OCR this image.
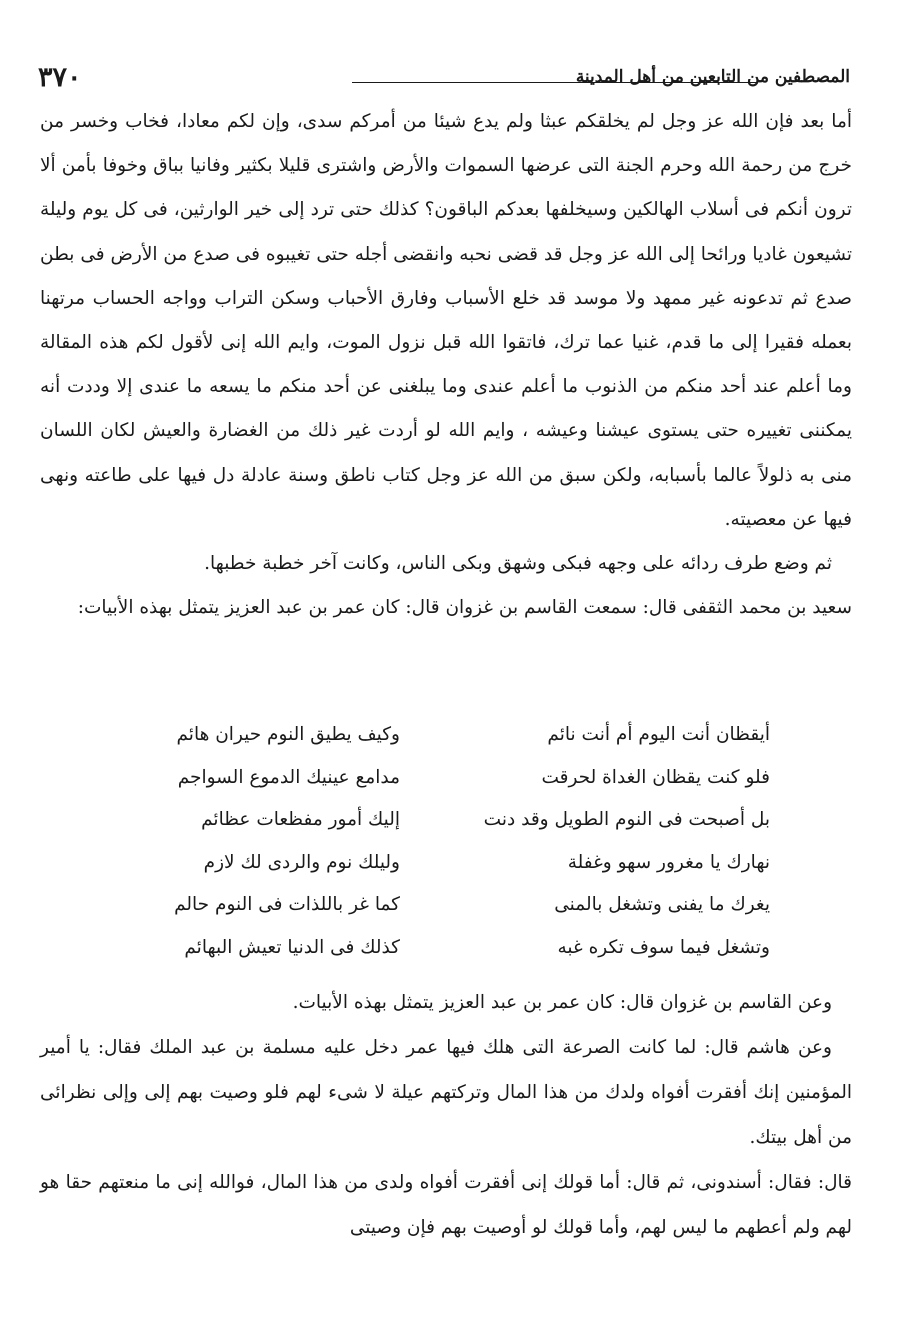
المصطفين من التابعين من أهل المدينة
٣٧٠

أما بعد فإن الله عز وجل لم يخلقكم عبثا ولم يدع شيئا من أمركم سدى، وإن لكم معادا، فخاب وخسر من خرج من رحمة الله وحرم الجنة التى عرضها السموات والأرض واشترى قليلا بكثير وفانيا بباق وخوفا بأمن ألا ترون أنكم فى أسلاب الهالكين وسيخلفها بعدكم الباقون؟ كذلك حتى ترد إلى خير الوارثين، فى كل يوم وليلة تشيعون غاديا ورائحا إلى الله عز وجل قد قضى نحبه وانقضى أجله حتى تغيبوه فى صدع من الأرض فى بطن صدع ثم تدعونه غير ممهد ولا موسد قد خلع الأسباب وفارق الأحباب وسكن التراب وواجه الحساب مرتهنا بعمله فقيرا إلى ما قدم، غنيا عما ترك، فاتقوا الله قبل نزول الموت، وايم الله إنى لأقول لكم هذه المقالة وما أعلم عند أحد منكم من الذنوب ما أعلم عندى وما يبلغنى عن أحد منكم ما يسعه ما عندى إلا وددت أنه يمكننى تغييره حتى يستوى عيشنا وعيشه ، وايم الله لو أردت غير ذلك من الغضارة والعيش لكان اللسان منى به ذلولاً عالما بأسبابه، ولكن سبق من الله عز وجل كتاب ناطق وسنة عادلة دل فيها على طاعته ونهى فيها عن معصيته.

ثم وضع طرف ردائه على وجهه فبكى وشهق وبكى الناس، وكانت آخر خطبة خطبها.

سعيد بن محمد الثقفى قال: سمعت القاسم بن غزوان قال: كان عمر بن عبد العزيز يتمثل بهذه الأبيات:

أيقظان أنت اليوم أم أنت نائم
وكيف يطيق النوم حيران هائم
فلو كنت يقظان الغداة لحرقت
مدامع عينيك الدموع السواجم
بل أصبحت فى النوم الطويل وقد دنت
إليك أمور مفظعات عظائم
نهارك يا مغرور سهو وغفلة
وليلك نوم والردى لك لازم
يغرك ما يفنى وتشغل بالمنى
كما غر باللذات فى النوم حالم
وتشغل فيما سوف تكره غبه
كذلك فى الدنيا تعيش البهائم

وعن القاسم بن غزوان قال: كان عمر بن عبد العزيز يتمثل بهذه الأبيات.

وعن هاشم قال: لما كانت الصرعة التى هلك فيها عمر دخل عليه مسلمة بن عبد الملك فقال: يا أمير المؤمنين إنك أفقرت أفواه ولدك من هذا المال وتركتهم عيلة لا شىء لهم فلو وصيت بهم إلى وإلى نظرائى من أهل بيتك.

قال: فقال: أسندونى، ثم قال: أما قولك إنى أفقرت أفواه ولدى من هذا المال، فوالله إنى ما منعتهم حقا هو لهم ولم أعطهم ما ليس لهم، وأما قولك لو أوصيت بهم فإن وصيتى
